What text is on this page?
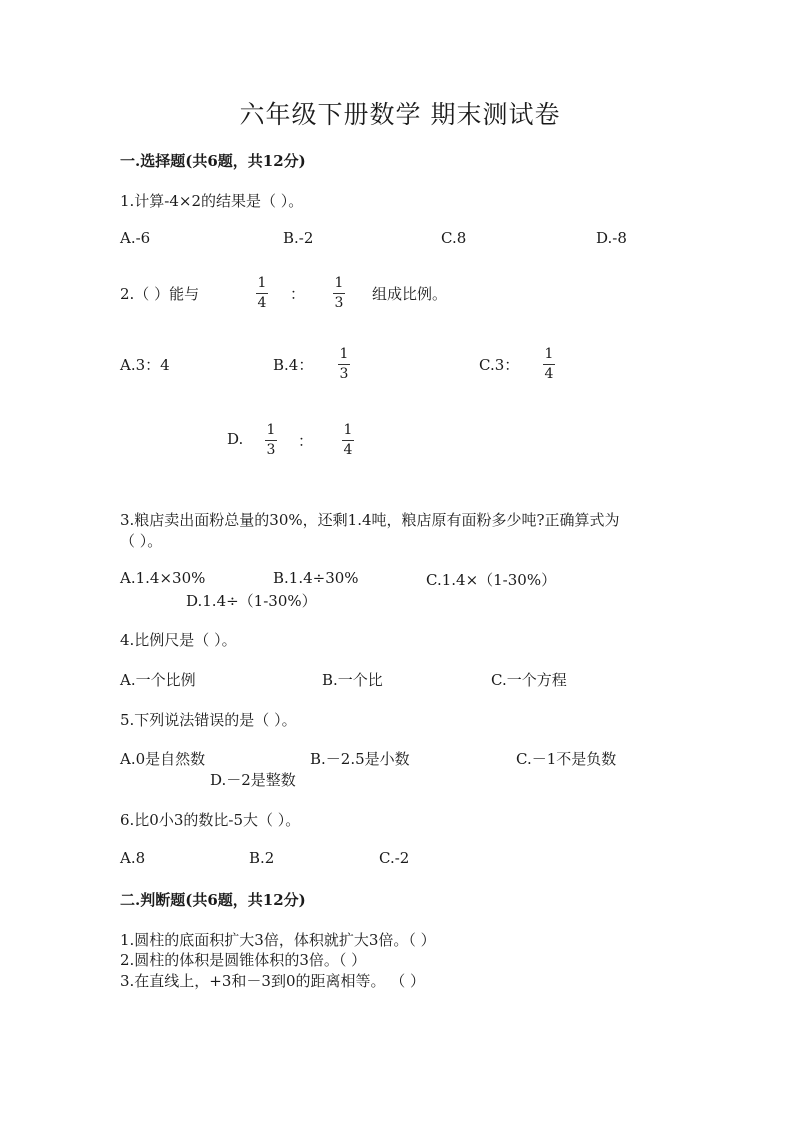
六年级下册数学 期末测试卷
一.选择题(共6题，共12分)
1.计算-4×2的结果是（ ）。
A.-6	B.-2	C.8	D.-8
2.（ ）能与
1
4 ：
1
3 组成比例。
A.3：4	B.4：
1
3	C.3：
1
4
D. 1
3 ：
1
4
3.粮店卖出面粉总量的30%，还剩1.4吨，粮店原有面粉多少吨?正确算式为
（ ）。
A.1.4×30%	B.1.4÷30%	C.1.4×（1-30%）
D.1.4÷（1-30%）
4.比例尺是（ ）。
A.一个比例	B.一个比	C.一个方程
5.下列说法错误的是（ ）。
A.0是自然数	B.－2.5是小数	C.－1不是负数
D.－2是整数
6.比0小3的数比-5大（ ）。
A.8	B.2	C.-2
二.判断题(共6题，共12分)
1.圆柱的底面积扩大3倍，体积就扩大3倍。（ ）
2.圆柱的体积是圆锥体积的3倍。（ ）
3.在直线上，+3和－3到0的距离相等。 （ ）
